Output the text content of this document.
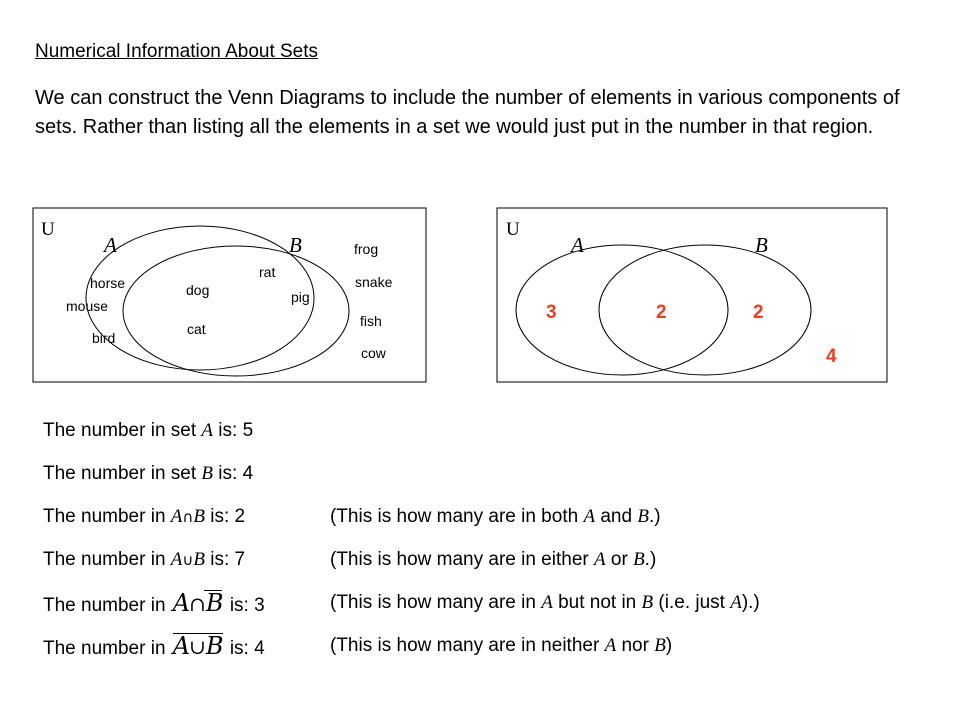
Numerical Information About Sets
We can construct the Venn Diagrams to include the number of elements in various components of sets. Rather than listing all the elements in a set we would just put in the number in that region.
U
A	B
horse
mouse
bird
dog
cat
rat
pig
frog
snake
fish
cow
U
A	B
3	2	2
4
The number in set A is: 5
The number in set B is: 4
The number in A∩B is: 2	(This is how many are in both A and B.)
The number in A∪B is: 7	(This is how many are in either A or B.)
The number in A∩
B is: 3	(This is how many are in A but not in B (i.e. just A).)
The number in
A∪B is: 4	(This is how many are in neither A nor B)
